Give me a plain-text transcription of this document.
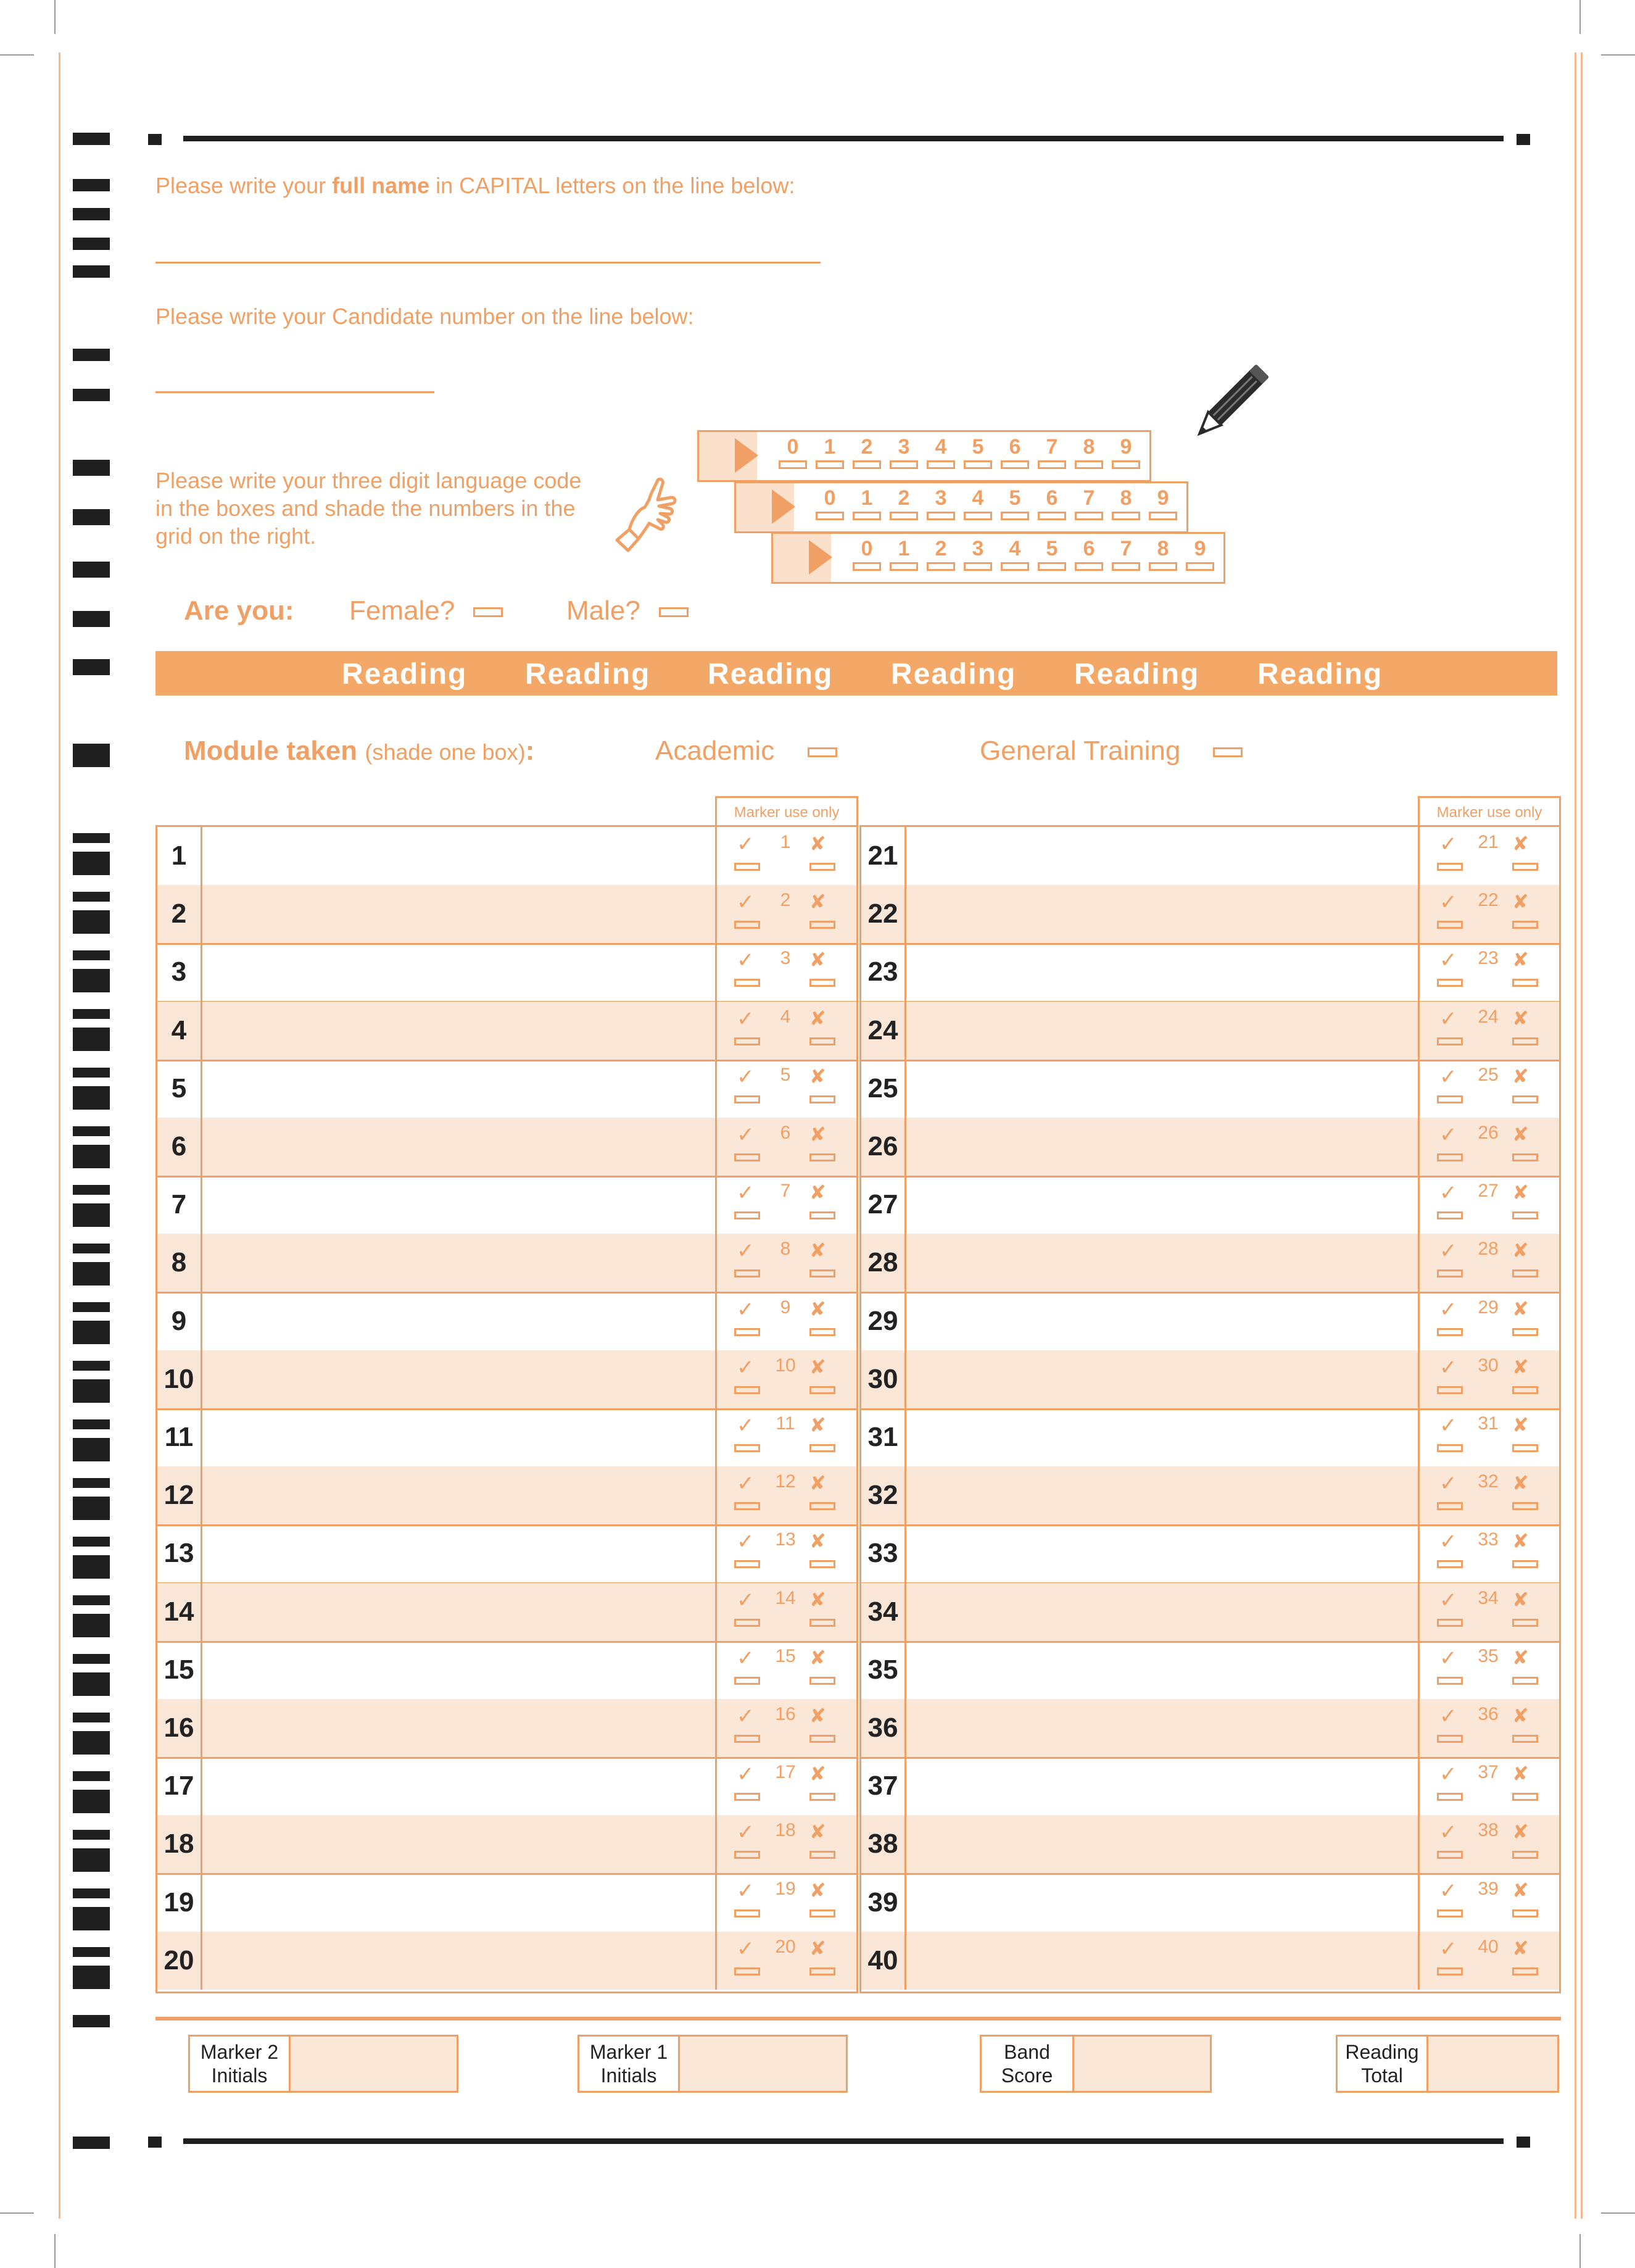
Please write your full name in CAPITAL letters on the line below:
Please write your Candidate number on the line below:
Please write your three digit language code
in the boxes and shade the numbers in the
grid on the right.
0	1	2	3	4	5	6	7	8	9
0	1	2	3	4	5	6	7	8	9
0	1	2	3	4	5	6	7	8	9
Are you: Female?	Male?
Reading Reading Reading Reading Reading Reading
Module taken (shade one box):	Academic	General Training
Marker use only	Marker use only
1	✓	1 ✘
2	✓	2 ✘
3	✓	3 ✘
4	✓	4 ✘
5	✓	5 ✘
6	✓	6 ✘
7	✓	7 ✘
8	✓	8 ✘
9	✓	9 ✘
10	✓ 10 ✘
11	✓ 11 ✘
12	✓ 12 ✘
13	✓ 13 ✘
14	✓ 14 ✘
15	✓ 15 ✘
16	✓ 16 ✘
17	✓ 17 ✘
18	✓ 18 ✘
19	✓ 19 ✘
20	✓ 20 ✘
21	✓ 21 ✘
22	✓ 22 ✘
23	✓ 23 ✘
24	✓ 24 ✘
25	✓ 25 ✘
26	✓ 26 ✘
27	✓ 27 ✘
28	✓ 28 ✘
29	✓ 29 ✘
30	✓ 30 ✘
31	✓ 31 ✘
32	✓ 32 ✘
33	✓ 33 ✘
34	✓ 34 ✘
35	✓ 35 ✘
36	✓ 36 ✘
37	✓ 37 ✘
38	✓ 38 ✘
39	✓ 39 ✘
40	✓ 40 ✘
Marker 2
Initials
Marker 1
Initials
Band
Score
Reading
Total
